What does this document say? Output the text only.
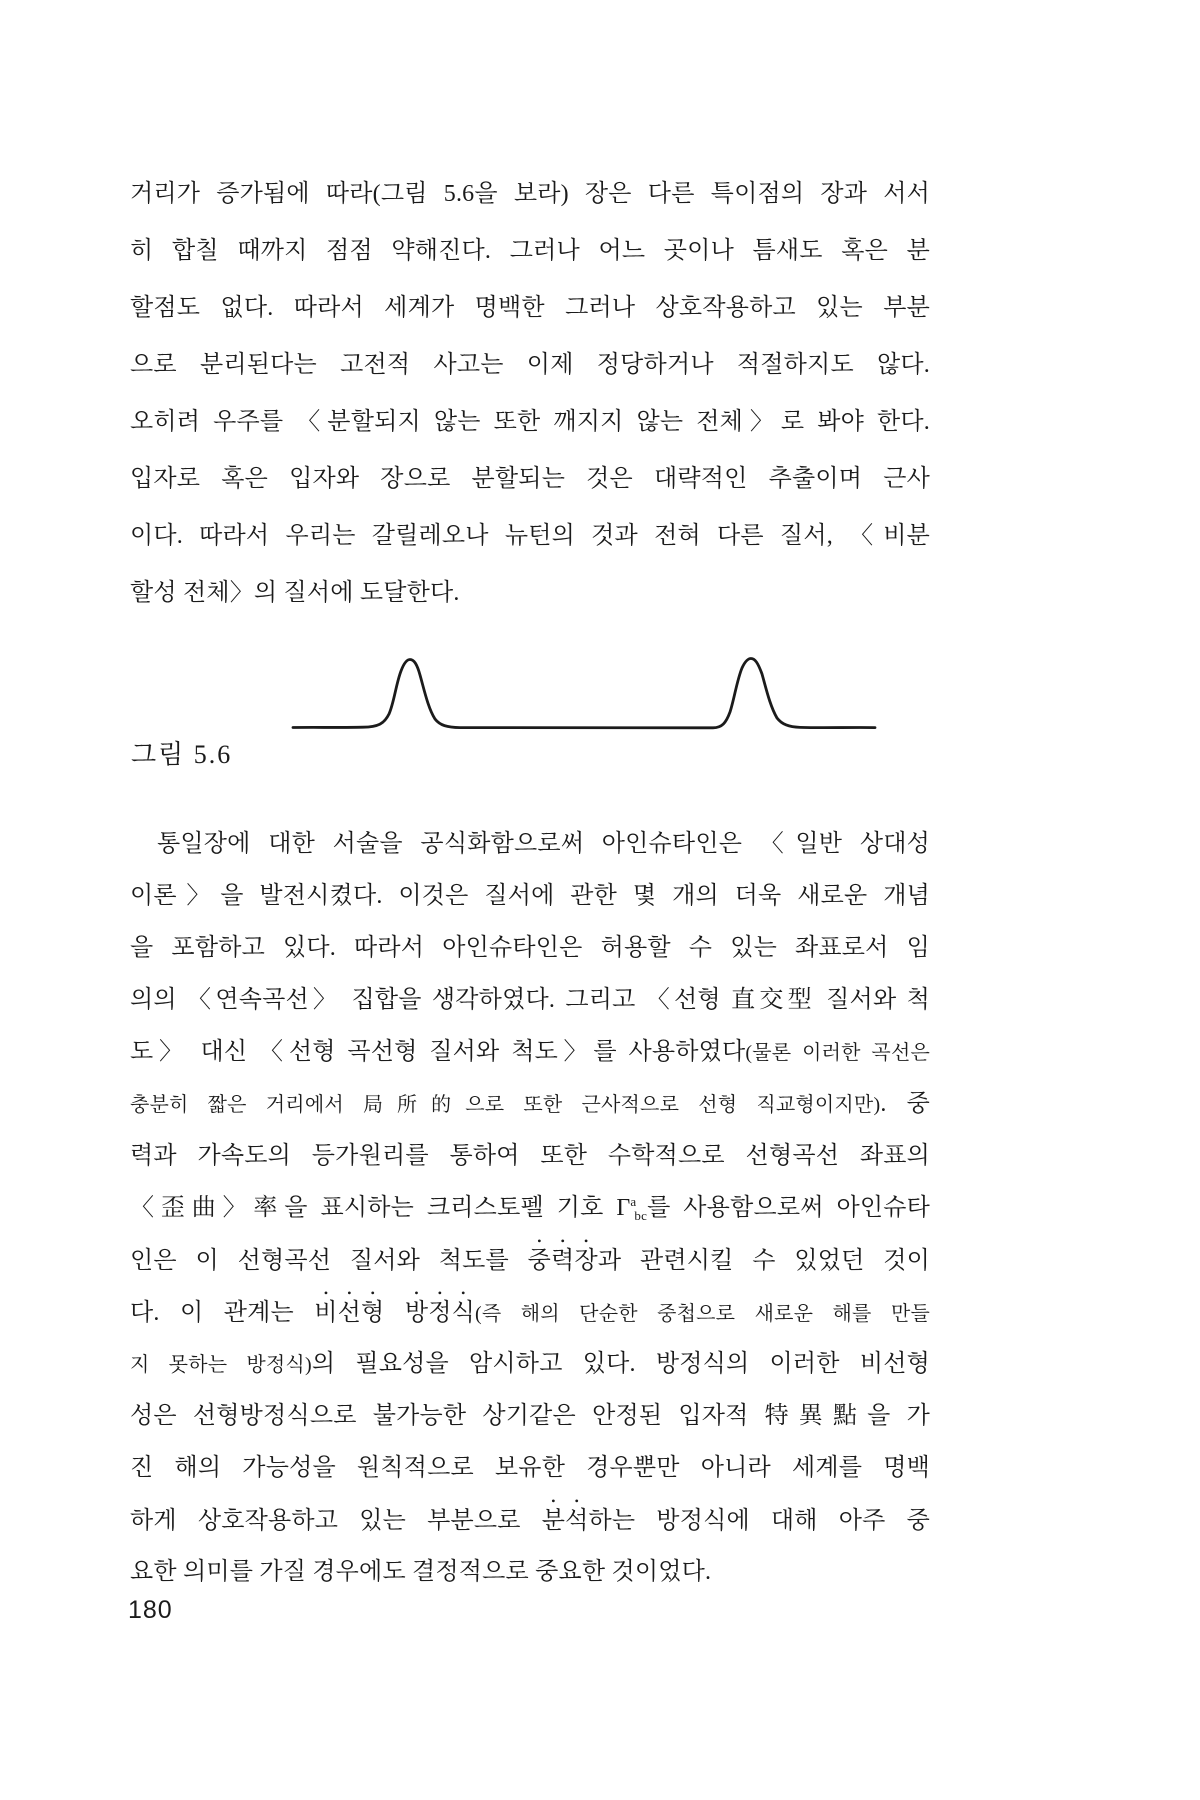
거리가 증가됨에 따라(그림 5.6을 보라) 장은 다른 특이점의 장과 서서
히 합칠 때까지 점점 약해진다. 그러나 어느 곳이나 틈새도 혹은 분
할점도 없다. 따라서 세계가 명백한 그러나 상호작용하고 있는 부분
으로 분리된다는 고전적 사고는 이제 정당하거나 적절하지도 않다.
오히려 우주를 〈분할되지 않는 또한 깨지지 않는 전체〉로 봐야 한다.
입자로 혹은 입자와 장으로 분할되는 것은 대략적인 추출이며 근사
이다. 따라서 우리는 갈릴레오나 뉴턴의 것과 전혀 다른 질서, 〈비분
할성 전체〉의 질서에 도달한다.
그림 5.6
통일장에 대한 서술을 공식화함으로써 아인슈타인은 〈일반 상대성
이론〉을 발전시켰다. 이것은 질서에 관한 몇 개의 더욱 새로운 개념
을 포함하고 있다. 따라서 아인슈타인은 허용할 수 있는 좌표로서 임
의의 〈연속곡선〉 집합을 생각하였다. 그리고 〈선형 直交型 질서와 척
도〉 대신 〈선형 곡선형 질서와 척도〉를 사용하였다(물론 이러한 곡선은
충분히 짧은 거리에서 局所的으로 또한 근사적으로 선형 직교형이지만). 중
력과 가속도의 등가원리를 통하여 또한 수학적으로 선형곡선 좌표의
〈歪曲〉率을 표시하는 크리스토펠 기호 $\Gamma^a_{bc}$를 사용함으로써 아인슈타
인은 이 선형곡선 질서와 척도를 중력장과 관련시킬 수 있었던 것이
다. 이 관계는 비선형 방정식(즉 해의 단순한 중첩으로 새로운 해를 만들
지 못하는 방정식)의 필요성을 암시하고 있다. 방정식의 이러한 비선형
성은 선형방정식으로 불가능한 상기같은 안정된 입자적 特異點을 가
진 해의 가능성을 원칙적으로 보유한 경우뿐만 아니라 세계를 명백
하게 상호작용하고 있는 부분으로 분석하는 방정식에 대해 아주 중
요한 의미를 가질 경우에도 결정적으로 중요한 것이었다.
180
